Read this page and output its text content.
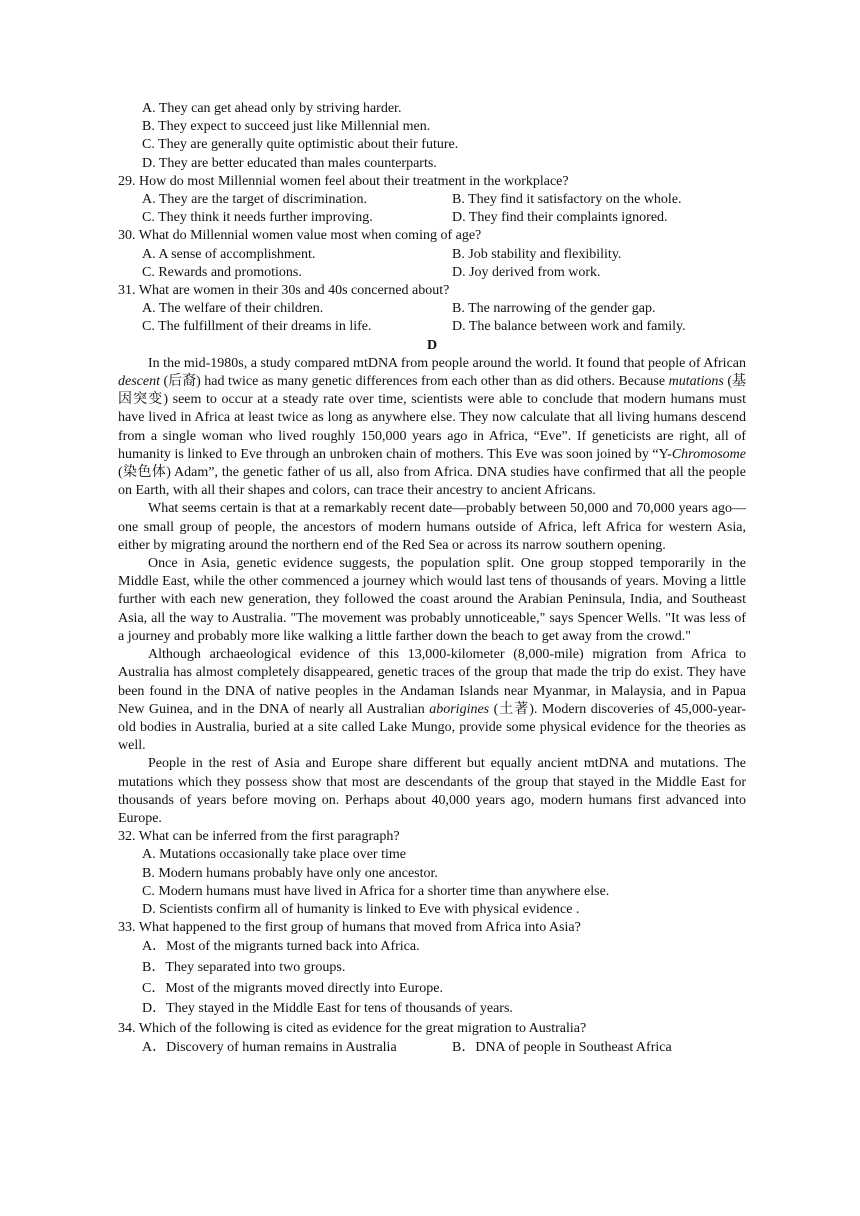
A. They can get ahead only by striving harder.
B. They expect to succeed just like Millennial men.
C. They are generally quite optimistic about their future.
D. They are better educated than males counterparts.
29. How do most Millennial women feel about their treatment in the workplace?
A. They are the target of discrimination.	B. They find it satisfactory on the whole.
C. They think it needs further improving.	D. They find their complaints ignored.
30. What do Millennial women value most when coming of age?
A. A sense of accomplishment.	B. Job stability and flexibility.
C. Rewards and promotions.	D. Joy derived from work.
31. What are women in their 30s and 40s concerned about?
A. The welfare of their children.	B. The narrowing of the gender gap.
C. The fulfillment of their dreams in life.	D. The balance between work and family.
D
In the mid-1980s, a study compared mtDNA from people around the world. It found that people of African descent (后裔) had twice as many genetic differences from each other than as did others. Because mutations (基因突变) seem to occur at a steady rate over time, scientists were able to conclude that modern humans must have lived in Africa at least twice as long as anywhere else. They now calculate that all living humans descend from a single woman who lived roughly 150,000 years ago in Africa, “Eve”. If geneticists are right, all of humanity is linked to Eve through an unbroken chain of mothers. This Eve was soon joined by “Y-Chromosome (染色体) Adam”, the genetic father of us all, also from Africa. DNA studies have confirmed that all the people on Earth, with all their shapes and colors, can trace their ancestry to ancient Africans.
What seems certain is that at a remarkably recent date—probably between 50,000 and 70,000 years ago—one small group of people, the ancestors of modern humans outside of Africa, left Africa for western Asia, either by migrating around the northern end of the Red Sea or across its narrow southern opening.
Once in Asia, genetic evidence suggests, the population split. One group stopped temporarily in the Middle East, while the other commenced a journey which would last tens of thousands of years. Moving a little further with each new generation, they followed the coast around the Arabian Peninsula, India, and Southeast Asia, all the way to Australia. "The movement was probably unnoticeable," says Spencer Wells. "It was less of a journey and probably more like walking a little farther down the beach to get away from the crowd."
Although archaeological evidence of this 13,000-kilometer (8,000-mile) migration from Africa to Australia has almost completely disappeared, genetic traces of the group that made the trip do exist. They have been found in the DNA of native peoples in the Andaman Islands near Myanmar, in Malaysia, and in Papua New Guinea, and in the DNA of nearly all Australian aborigines (土著). Modern discoveries of 45,000-year-old bodies in Australia, buried at a site called Lake Mungo, provide some physical evidence for the theories as well.
People in the rest of Asia and Europe share different but equally ancient mtDNA and mutations. The mutations which they possess show that most are descendants of the group that stayed in the Middle East for thousands of years before moving on. Perhaps about 40,000 years ago, modern humans first advanced into Europe.
32. What can be inferred from the first paragraph?
A. Mutations occasionally take place over time
B. Modern humans probably have only one ancestor.
C. Modern humans must have lived in Africa for a shorter time than anywhere else.
D. Scientists confirm all of humanity is linked to Eve with physical evidence .
33. What happened to the first group of humans that moved from Africa into Asia?
A．Most of the migrants turned back into Africa.
B．They separated into two groups.
C．Most of the migrants moved directly into Europe.
D．They stayed in the Middle East for tens of thousands of years.
34. Which of the following is cited as evidence for the great migration to Australia?
A．Discovery of human remains in Australia	B．DNA of people in Southeast Africa
